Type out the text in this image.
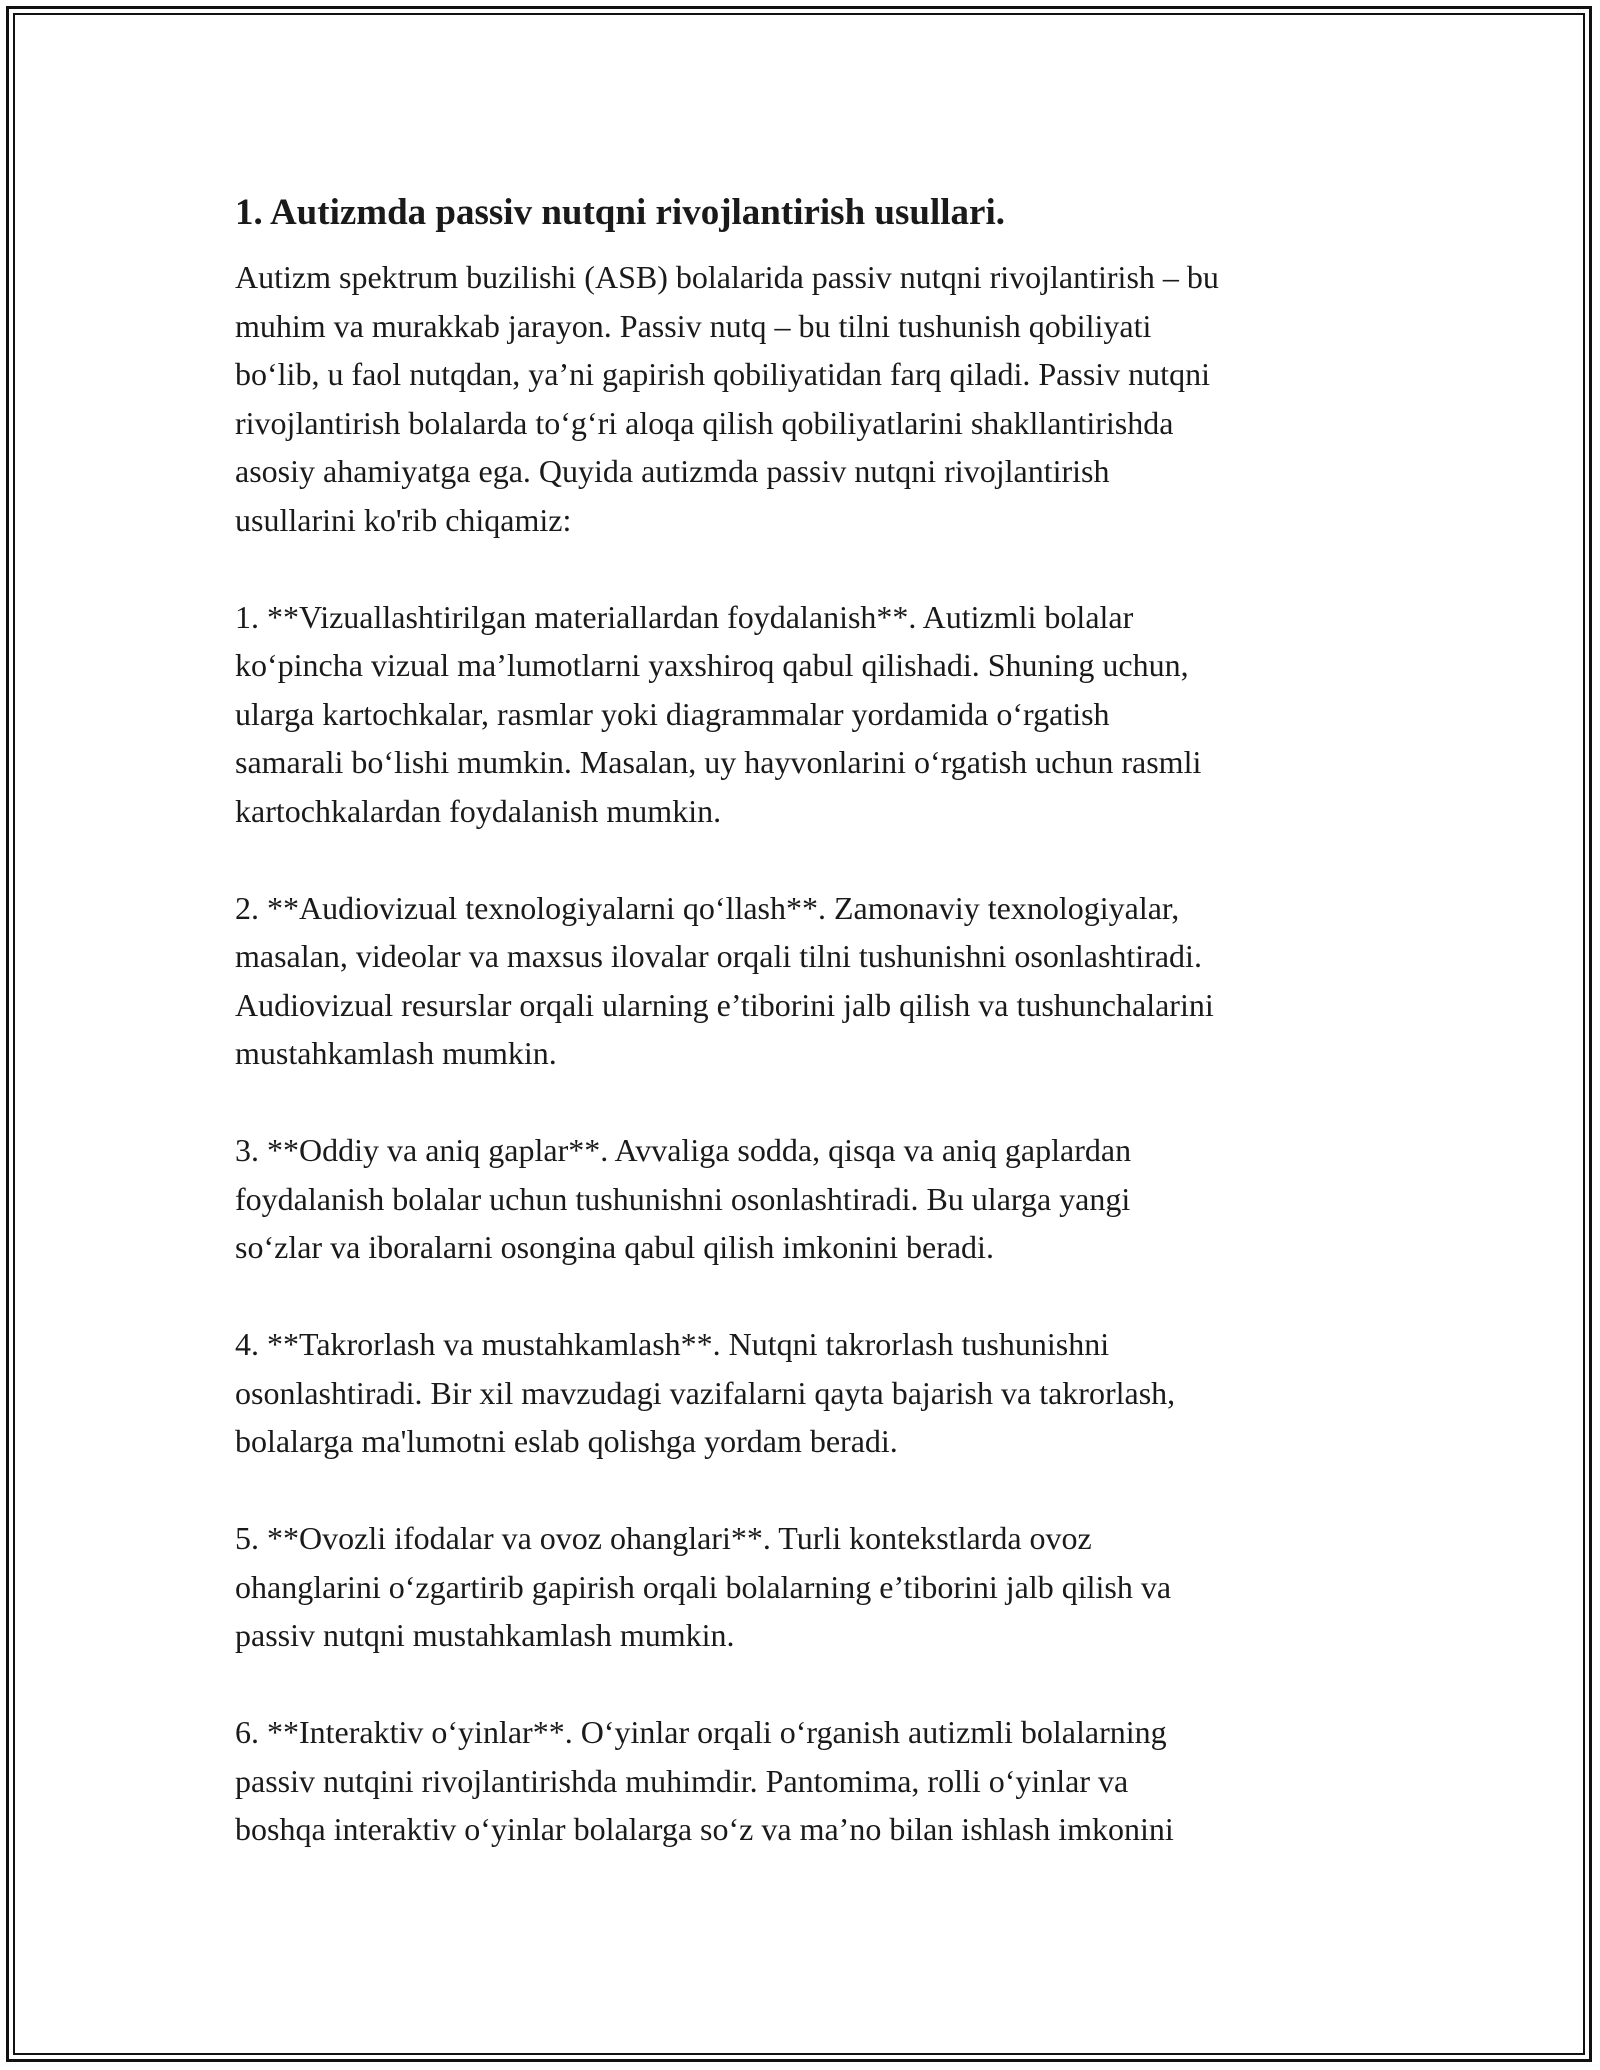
1. Autizmda passiv nutqni rivojlantirish usullari.
Autizm spektrum buzilishi (ASB) bolalarida passiv nutqni rivojlantirish – bu
muhim va murakkab jarayon. Passiv nutq – bu tilni tushunish qobiliyati
bo‘lib, u faol nutqdan, ya’ni gapirish qobiliyatidan farq qiladi. Passiv nutqni
rivojlantirish bolalarda to‘g‘ri aloqa qilish qobiliyatlarini shakllantirishda
asosiy ahamiyatga ega. Quyida autizmda passiv nutqni rivojlantirish
usullarini ko'rib chiqamiz:
1. **Vizuallashtirilgan materiallardan foydalanish**. Autizmli bolalar
ko‘pincha vizual ma’lumotlarni yaxshiroq qabul qilishadi. Shuning uchun,
ularga kartochkalar, rasmlar yoki diagrammalar yordamida o‘rgatish
samarali bo‘lishi mumkin. Masalan, uy hayvonlarini o‘rgatish uchun rasmli
kartochkalardan foydalanish mumkin.
2. **Audiovizual texnologiyalarni qo‘llash**. Zamonaviy texnologiyalar,
masalan, videolar va maxsus ilovalar orqali tilni tushunishni osonlashtiradi.
Audiovizual resurslar orqali ularning e’tiborini jalb qilish va tushunchalarini
mustahkamlash mumkin.
3. **Oddiy va aniq gaplar**. Avvaliga sodda, qisqa va aniq gaplardan
foydalanish bolalar uchun tushunishni osonlashtiradi. Bu ularga yangi
so‘zlar va iboralarni osongina qabul qilish imkonini beradi.
4. **Takrorlash va mustahkamlash**. Nutqni takrorlash tushunishni
osonlashtiradi. Bir xil mavzudagi vazifalarni qayta bajarish va takrorlash,
bolalarga ma'lumotni eslab qolishga yordam beradi.
5. **Ovozli ifodalar va ovoz ohanglari**. Turli kontekstlarda ovoz
ohanglarini o‘zgartirib gapirish orqali bolalarning e’tiborini jalb qilish va
passiv nutqni mustahkamlash mumkin.
6. **Interaktiv o‘yinlar**. O‘yinlar orqali o‘rganish autizmli bolalarning
passiv nutqini rivojlantirishda muhimdir. Pantomima, rolli o‘yinlar va
boshqa interaktiv o‘yinlar bolalarga so‘z va ma’no bilan ishlash imkonini
